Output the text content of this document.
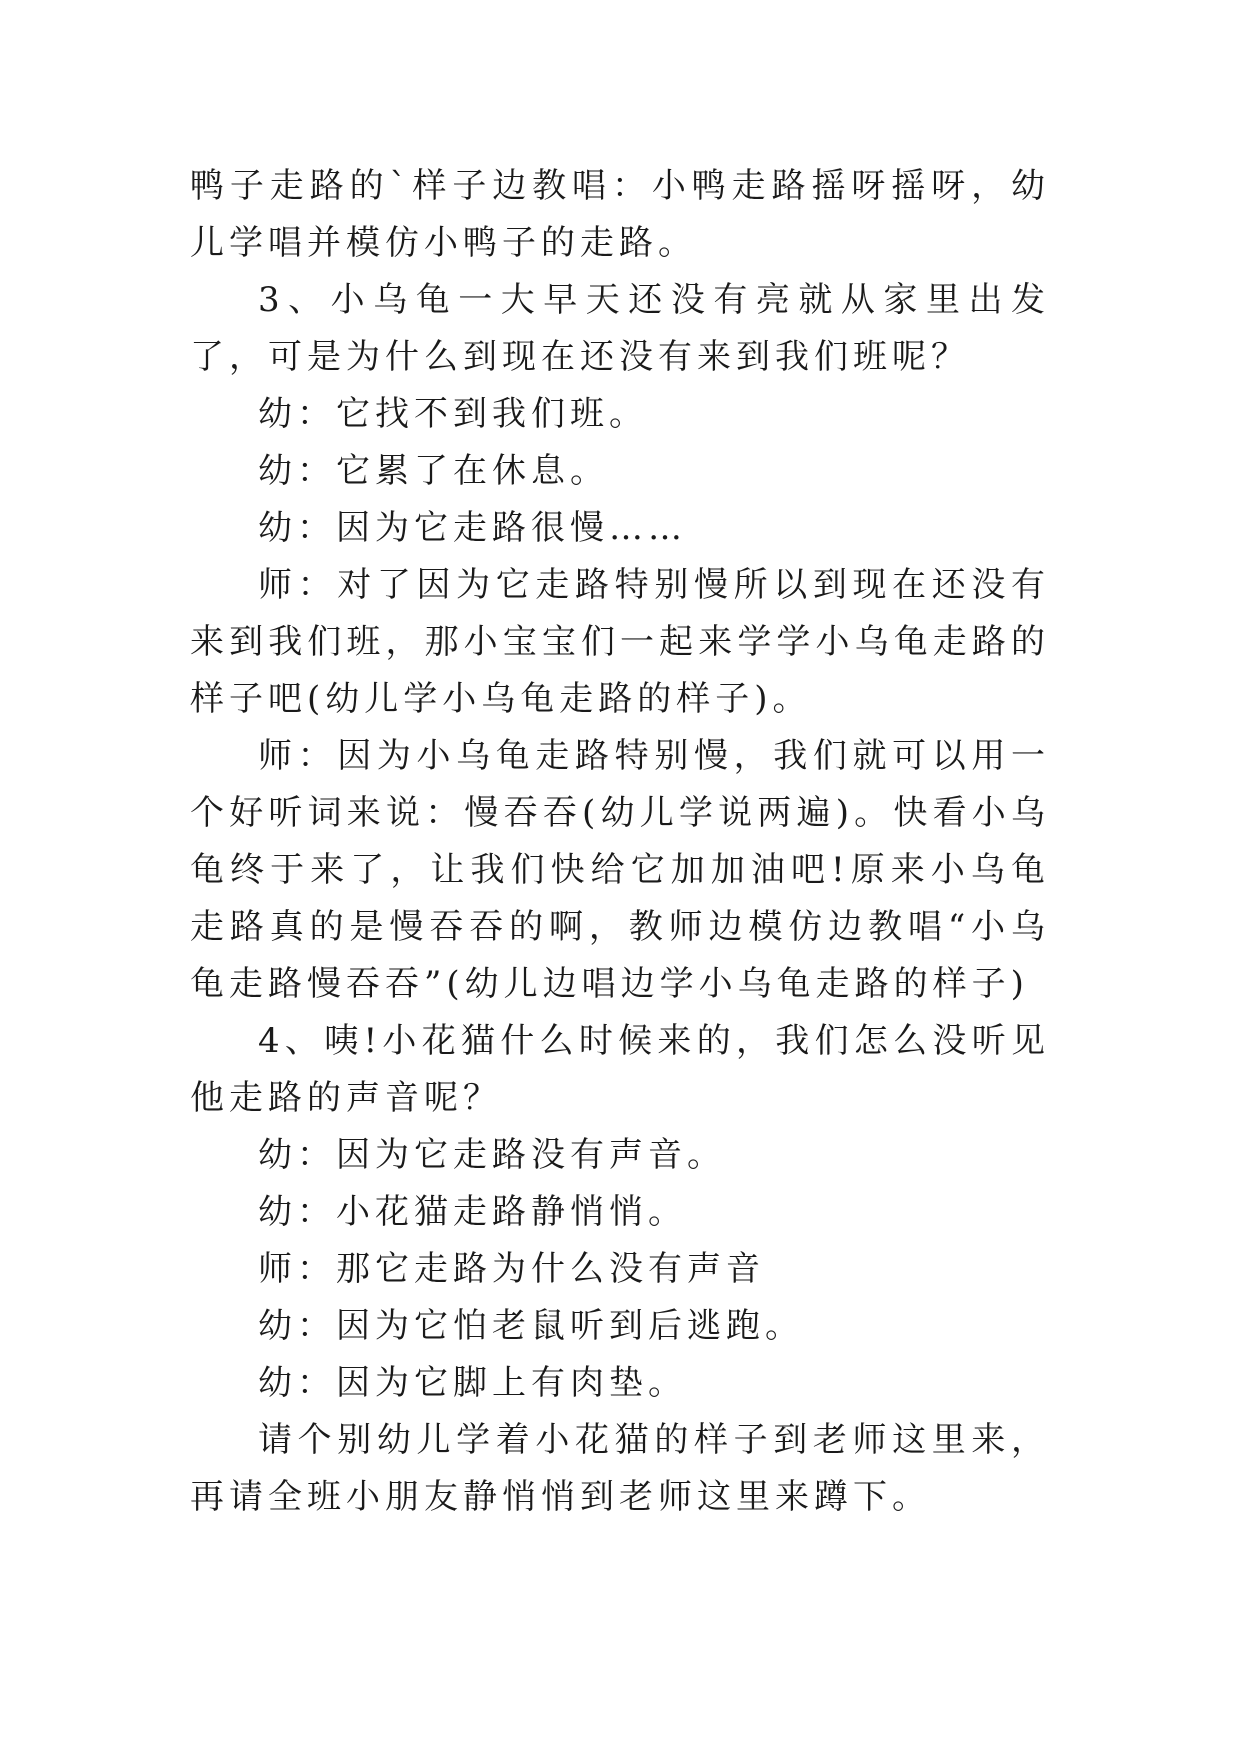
鸭子走路的`样子边教唱：小鸭走路摇呀摇呀，幼儿学唱并模仿小鸭子的走路。

3、小乌龟一大早天还没有亮就从家里出发了，可是为什么到现在还没有来到我们班呢？

幼：它找不到我们班。

幼：它累了在休息。

幼：因为它走路很慢……

师：对了因为它走路特别慢所以到现在还没有来到我们班，那小宝宝们一起来学学小乌龟走路的样子吧(幼儿学小乌龟走路的样子)。

师：因为小乌龟走路特别慢，我们就可以用一个好听词来说：慢吞吞(幼儿学说两遍)。快看小乌龟终于来了，让我们快给它加加油吧!原来小乌龟走路真的是慢吞吞的啊，教师边模仿边教唱“小乌龟走路慢吞吞”(幼儿边唱边学小乌龟走路的样子)

4、咦!小花猫什么时候来的，我们怎么没听见他走路的声音呢？

幼：因为它走路没有声音。

幼：小花猫走路静悄悄。

师：那它走路为什么没有声音

幼：因为它怕老鼠听到后逃跑。

幼：因为它脚上有肉垫。

请个别幼儿学着小花猫的样子到老师这里来，再请全班小朋友静悄悄到老师这里来蹲下。
